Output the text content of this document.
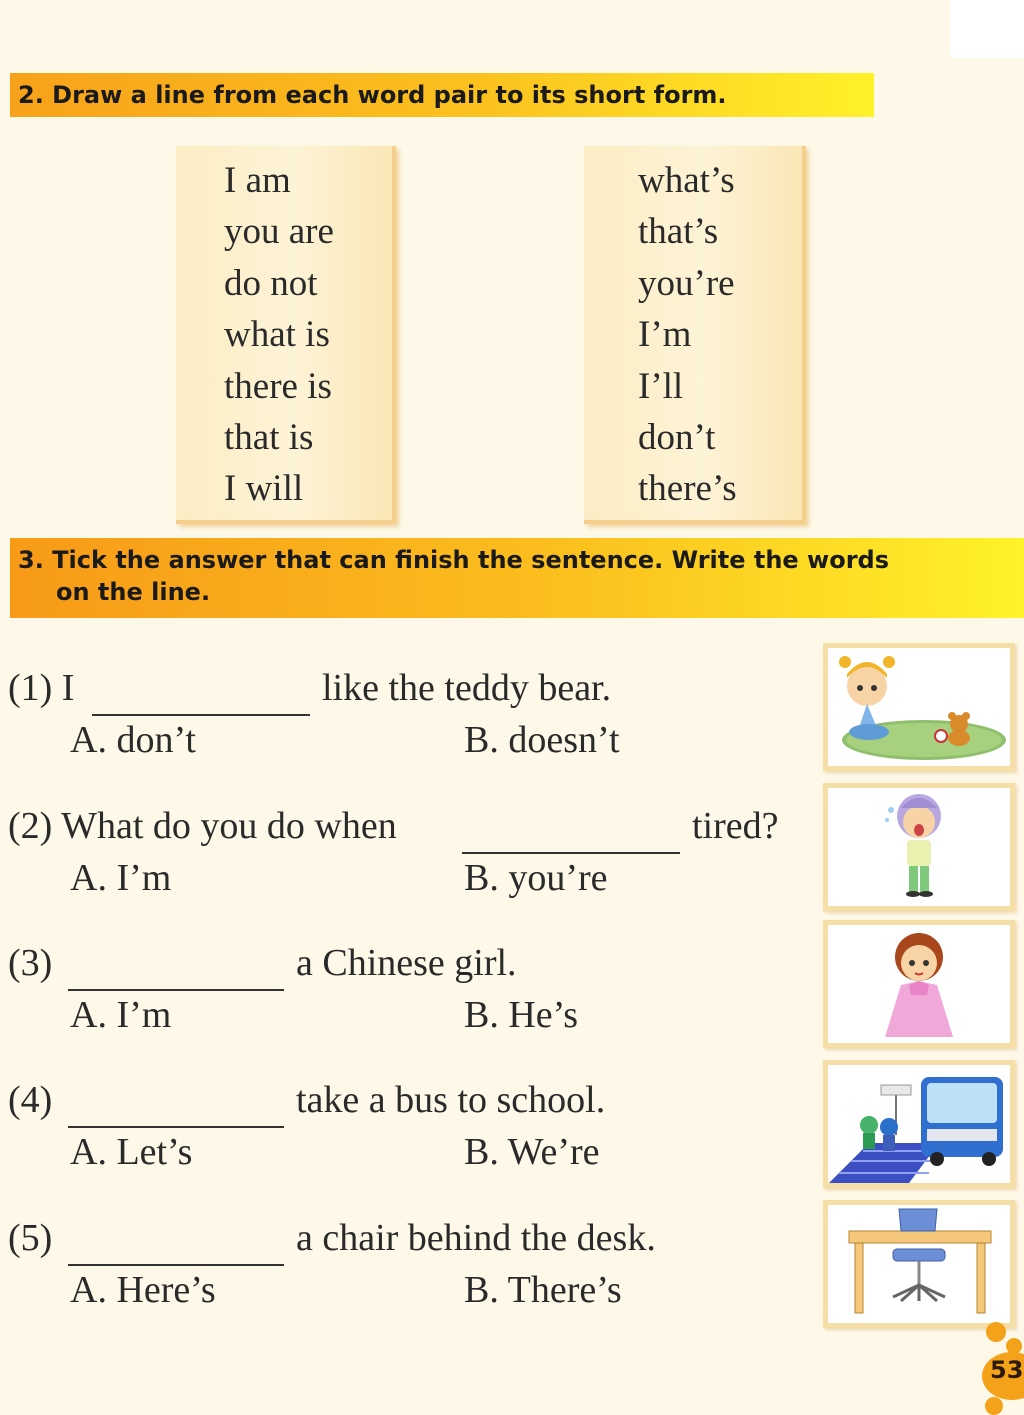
2. Draw a line from each word pair to its short form.
I am
you are
do not
what is
there is
that is
I will
what’s
that’s
you’re
I’m
I’ll
don’t
there’s
3. Tick the answer that can finish the sentence. Write the words
on the line.
(1) I	like the teddy bear.
A. don’t	B. doesn’t
(2) What do you do when	tired?
A. I’m	B. you’re
(3)	a Chinese girl.
A. I’m	B. He’s
(4)	take a bus to school.
A. Let’s	B. We’re
(5)	a chair behind the desk.
A. Here’s	B. There’s
53
